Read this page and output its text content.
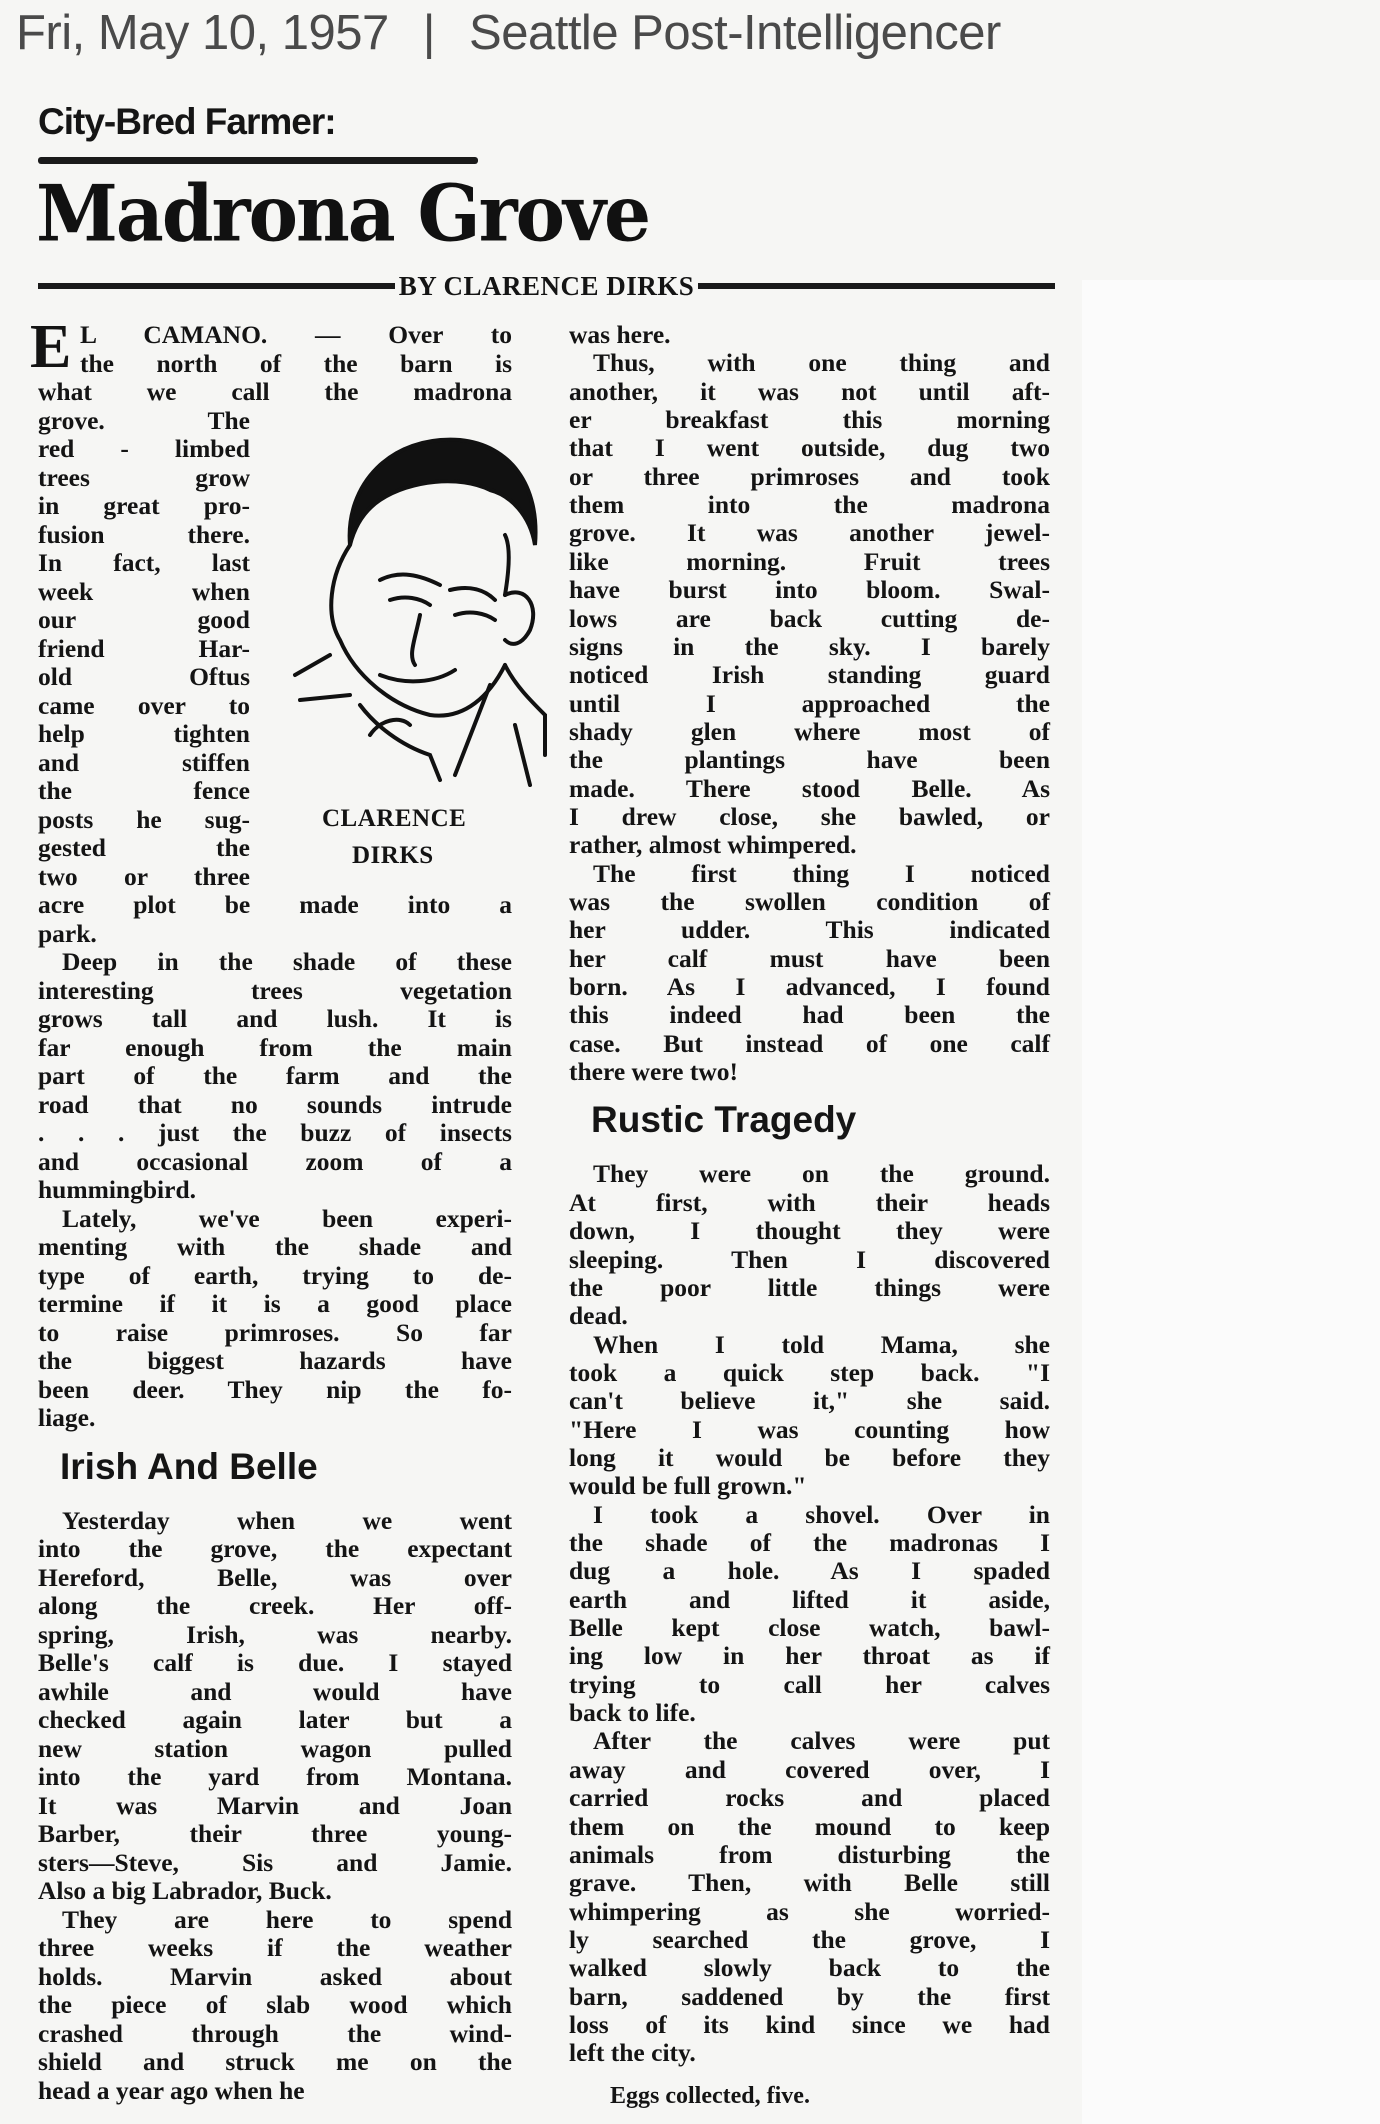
Fri, May 10, 1957 | Seattle Post-Intelligencer
City-Bred Farmer:
Madrona Grove
BY CLARENCE DIRKS
E
CLARENCE
DIRKS
L CAMANO. — Over to
the north of the barn is
what we call the madrona
grove. The
red - limbed
trees grow
in great pro-
fusion there.
In fact, last
week when
our good
friend Har-
old Oftus
came over to
help tighten
and stiffen
the fence
posts he sug-
gested the
two or three
acre plot be made into a
park.
Deep in the shade of these
interesting trees vegetation
grows tall and lush. It is
far enough from the main
part of the farm and the
road that no sounds intrude
. . . just the buzz of insects
and occasional zoom of a
hummingbird.
Lately, we've been experi-
menting with the shade and
type of earth, trying to de-
termine if it is a good place
to raise primroses. So far
the biggest hazards have
been deer. They nip the fo-
liage.
Irish And Belle
Yesterday when we went
into the grove, the expectant
Hereford, Belle, was over
along the creek. Her off-
spring, Irish, was nearby.
Belle's calf is due. I stayed
awhile and would have
checked again later but a
new station wagon pulled
into the yard from Montana.
It was Marvin and Joan
Barber, their three young-
sters—Steve, Sis and Jamie.
Also a big Labrador, Buck.
They are here to spend
three weeks if the weather
holds. Marvin asked about
the piece of slab wood which
crashed through the wind-
shield and struck me on the
head a year ago when he
was here.
Thus, with one thing and
another, it was not until aft-
er breakfast this morning
that I went outside, dug two
or three primroses and took
them into the madrona
grove. It was another jewel-
like morning. Fruit trees
have burst into bloom. Swal-
lows are back cutting de-
signs in the sky. I barely
noticed Irish standing guard
until I approached the
shady glen where most of
the plantings have been
made. There stood Belle. As
I drew close, she bawled, or
rather, almost whimpered.
The first thing I noticed
was the swollen condition of
her udder. This indicated
her calf must have been
born. As I advanced, I found
this indeed had been the
case. But instead of one calf
there were two!
Rustic Tragedy
They were on the ground.
At first, with their heads
down, I thought they were
sleeping. Then I discovered
the poor little things were
dead.
When I told Mama, she
took a quick step back. "I
can't believe it," she said.
"Here I was counting how
long it would be before they
would be full grown."
I took a shovel. Over in
the shade of the madronas I
dug a hole. As I spaded
earth and lifted it aside,
Belle kept close watch, bawl-
ing low in her throat as if
trying to call her calves
back to life.
After the calves were put
away and covered over, I
carried rocks and placed
them on the mound to keep
animals from disturbing the
grave. Then, with Belle still
whimpering as she worried-
ly searched the grove, I
walked slowly back to the
barn, saddened by the first
loss of its kind since we had
left the city.
Eggs collected, five.
